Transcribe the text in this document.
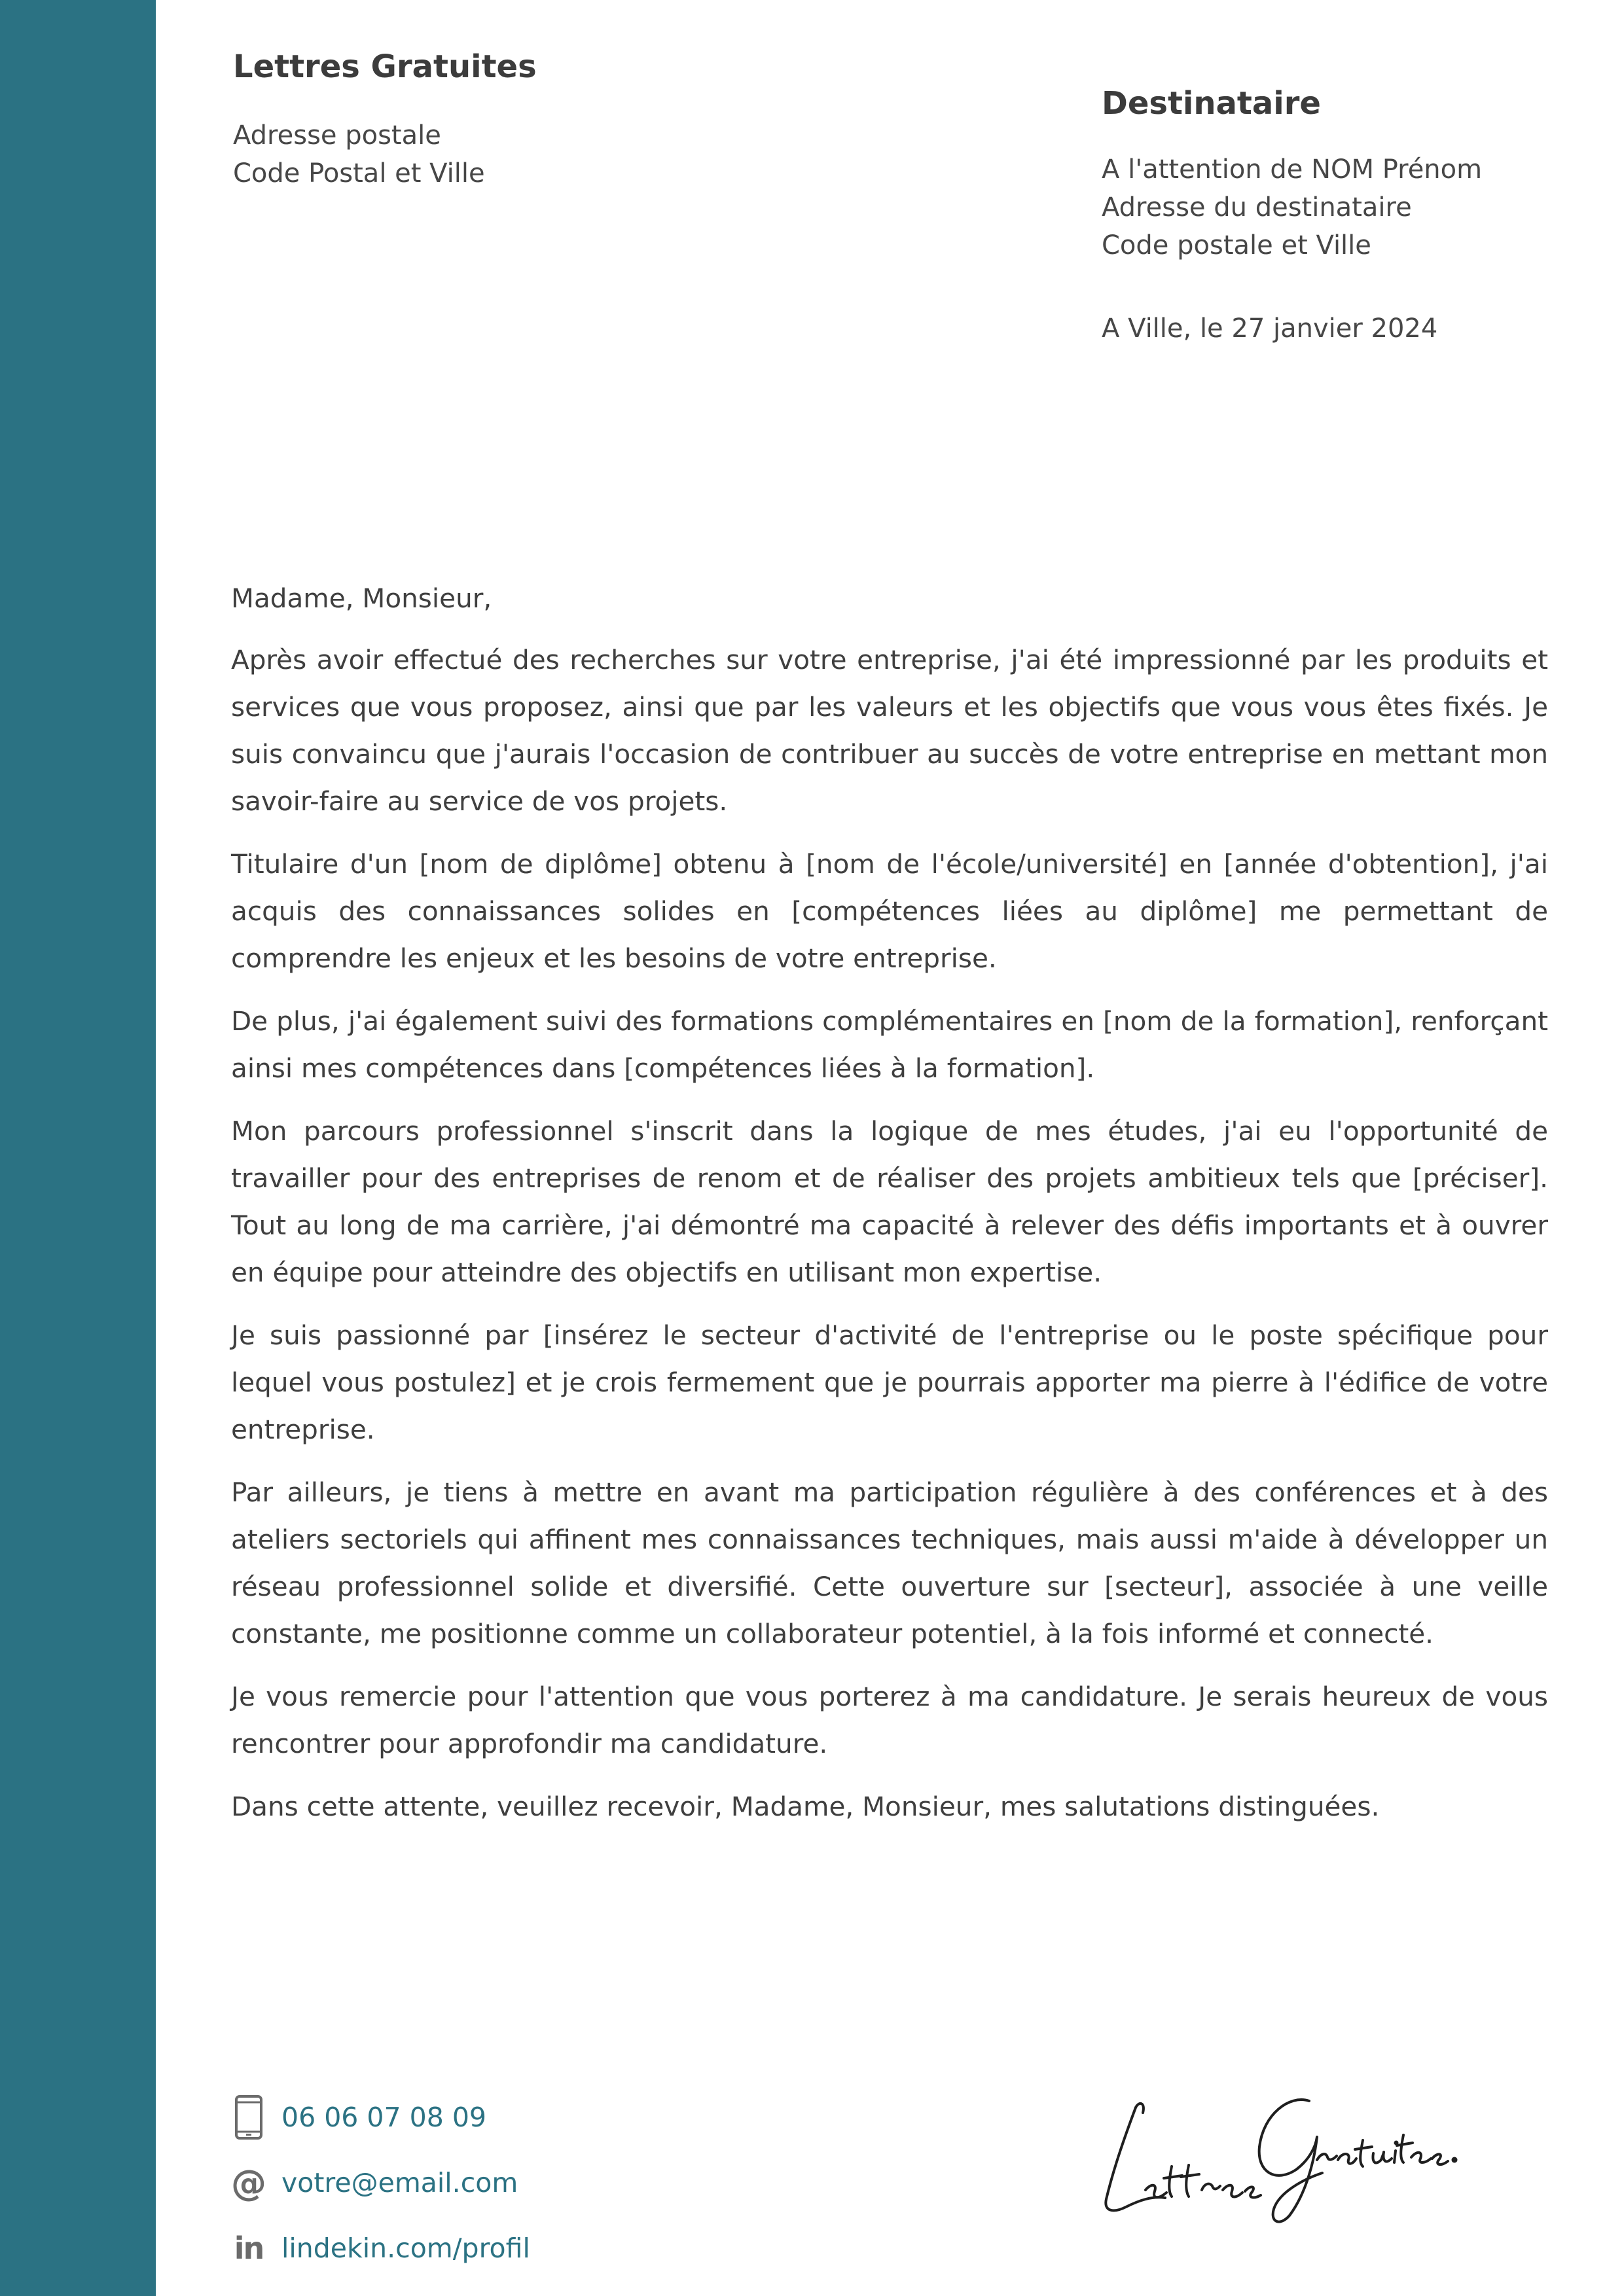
Lettres Gratuites
Adresse postale
Code Postal et Ville
Destinataire
A l'attention de NOM Prénom
Adresse du destinataire
Code postale et Ville
A Ville, le 27 janvier 2024

Madame, Monsieur,

Après avoir effectué des recherches sur votre entreprise, j'ai été impressionné par les produits et services que vous proposez, ainsi que par les valeurs et les objectifs que vous vous êtes fixés. Je suis convaincu que j'aurais l'occasion de contribuer au succès de votre entreprise en mettant mon savoir-faire au service de vos projets.

Titulaire d'un [nom de diplôme] obtenu à [nom de l'école/université] en [année d'obtention], j'ai acquis des connaissances solides en [compétences liées au diplôme] me permettant de comprendre les enjeux et les besoins de votre entreprise.

De plus, j'ai également suivi des formations complémentaires en [nom de la formation], renforçant ainsi mes compétences dans [compétences liées à la formation].

Mon parcours professionnel s'inscrit dans la logique de mes études, j'ai eu l'opportunité de travailler pour des entreprises de renom et de réaliser des projets ambitieux tels que [préciser]. Tout au long de ma carrière, j'ai démontré ma capacité à relever des défis importants et à ouvrer en équipe pour atteindre des objectifs en utilisant mon expertise.

Je suis passionné par [insérez le secteur d'activité de l'entreprise ou le poste spécifique pour lequel vous postulez] et je crois fermement que je pourrais apporter ma pierre à l'édifice de votre entreprise.

Par ailleurs, je tiens à mettre en avant ma participation régulière à des conférences et à des ateliers sectoriels qui affinent mes connaissances techniques, mais aussi m'aide à développer un réseau professionnel solide et diversifié. Cette ouverture sur [secteur], associée à une veille constante, me positionne comme un collaborateur potentiel, à la fois informé et connecté.

Je vous remercie pour l'attention que vous porterez à ma candidature. Je serais heureux de vous rencontrer pour approfondir ma candidature.

Dans cette attente, veuillez recevoir, Madame, Monsieur, mes salutations distinguées.

06 06 07 08 09
@ votre@email.com
in lindekin.com/profil
